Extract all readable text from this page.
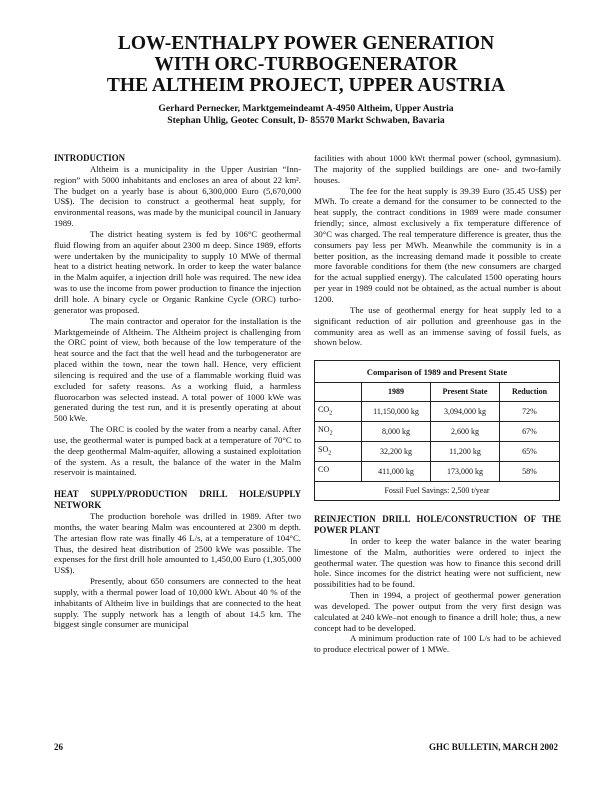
LOW-ENTHALPY POWER GENERATION
WITH ORC-TURBOGENERATOR
THE ALTHEIM PROJECT, UPPER AUSTRIA
Gerhard Pernecker, Marktgemeindeamt A-4950 Altheim, Upper Austria
Stephan Uhlig, Geotec Consult, D- 85570 Markt Schwaben, Bavaria
INTRODUCTION

Altheim is a municipality in the Upper Austrian “Inn-region” with 5000 inhabitants and encloses an area of about 22 km². The budget on a yearly base is about 6,300,000 Euro (5,670,000 US$). The decision to construct a geothermal heat supply, for environmental reasons, was made by the municipal council in January 1989.

The district heating system is fed by 106°C geothermal fluid flowing from an aquifer about 2300 m deep. Since 1989, efforts were undertaken by the municipality to supply 10 MWe of thermal heat to a district heating network. In order to keep the water balance in the Malm aquifer, a injection drill hole was required. The new idea was to use the income from power production to finance the injection drill hole. A binary cycle or Organic Rankine Cycle (ORC) turbo-generator was proposed.

The main contractor and operator for the installation is the Marktgemeinde of Altheim. The Altheim project is challenging from the ORC point of view, both because of the low temperature of the heat source and the fact that the well head and the turbogenerator are placed within the town, near the town hall. Hence, very efficient silencing is required and the use of a flammable working fluid was excluded for safety reasons. As a working fluid, a harmless fluorocarbon was selected instead. A total power of 1000 kWe was generated during the test run, and it is presently operating at about 500 kWe.

The ORC is cooled by the water from a nearby canal. After use, the geothermal water is pumped back at a temperature of 70°C to the deep geothermal Malm-aquifer, allowing a sustained exploitation of the system. As a result, the balance of the water in the Malm reservoir is maintained.

HEAT SUPPLY/PRODUCTION DRILL HOLE/SUPPLY NETWORK

The production borehole was drilled in 1989. After two months, the water bearing Malm was encountered at 2300 m depth. The artesian flow rate was finally 46 L/s, at a temperature of 104°C. Thus, the desired heat distribution of 2500 kWe was possible. The expenses for the first drill hole amounted to 1,450,00 Euro (1,305,000 US$).

Presently, about 650 consumers are connected to the heat supply, with a thermal power load of 10,000 kWt. About 40 % of the inhabitants of Altheim live in buildings that are connected to the heat supply. The supply network has a length of about 14.5 km. The biggest single consumer are municipal

facilities with about 1000 kWt thermal power (school, gymnasium). The majority of the supplied buildings are one- and two-family houses.

The fee for the heat supply is 39.39 Euro (35.45 US$) per MWh. To create a demand for the consumer to be connected to the heat supply, the contract conditions in 1989 were made consumer friendly; since, almost exclusively a fix temperature difference of 30°C was charged. The real temperature difference is greater, thus the consumers pay less per MWh. Meanwhile the community is in a better position, as the increasing demand made it possible to create more favorable conditions for them (the new consumers are charged for the actual supplied energy). The calculated 1500 operating hours per year in 1989 could not be obtained, as the actual number is about 1200.

The use of geothermal energy for heat supply led to a significant reduction of air pollution and greenhouse gas in the community area as well as an immense saving of fossil fuels, as shown below.

Comparison of 1989 and Present State			
	1989	Present State	Reduction
$CO_2$	11,150,000 kg	3,094,000 kg	72%
$NO_2$	8,000 kg	2,600 kg	67%
$SO_2$	32,200 kg	11,200 kg	65%
CO	411,000 kg	173,000 kg	58%
Fossil Fuel Savings: 2,500 t/year			
REINJECTION DRILL HOLE/CONSTRUCTION OF THE POWER PLANT

In order to keep the water balance in the water bearing limestone of the Malm, authorities were ordered to inject the geothermal water. The question was how to finance this second drill hole. Since incomes for the district heating were not sufficient, new possibilities had to be found.

Then in 1994, a project of geothermal power generation was developed. The power output from the very first design was calculated at 240 kWe–not enough to finance a drill hole; thus, a new concept had to be developed.

A minimum production rate of 100 L/s had to be achieved to produce electrical power of 1 MWe.

26	GHC BULLETIN, MARCH 2002
